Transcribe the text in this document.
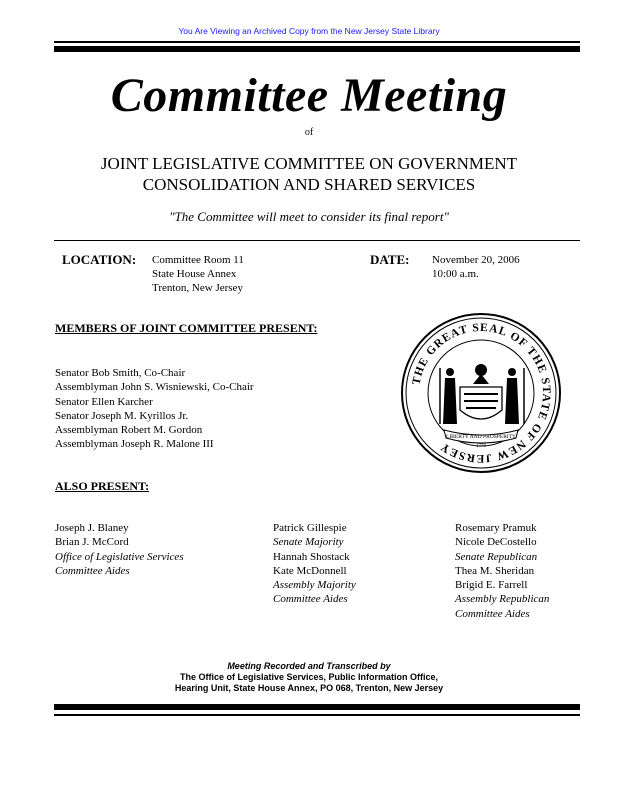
You Are Viewing an Archived Copy from the New Jersey State Library
Committee Meeting
of
JOINT LEGISLATIVE COMMITTEE ON GOVERNMENT
CONSOLIDATION AND SHARED SERVICES
"The Committee will meet to consider its final report"
LOCATION: Committee Room 11
State House Annex
Trenton, New Jersey
DATE: November 20, 2006
10:00 a.m.
MEMBERS OF JOINT COMMITTEE PRESENT:
Senator Bob Smith, Co-Chair
Assemblyman John S. Wisniewski, Co-Chair
Senator Ellen Karcher
Senator Joseph M. Kyrillos Jr.
Assemblyman Robert M. Gordon
Assemblyman Joseph R. Malone III
THE GREAT SEAL OF THE STATE OF NEW JERSEY
LIBERTY AND PROSPERITY
1776
ALSO PRESENT:
Joseph J. Blaney
Brian J. McCord
Office of Legislative Services
Committee Aides
Patrick Gillespie
Senate Majority
Hannah Shostack
Kate McDonnell
Assembly Majority
Committee Aides
Rosemary Pramuk
Nicole DeCostello
Senate Republican
Thea M. Sheridan
Brigid E. Farrell
Assembly Republican
Committee Aides
Meeting Recorded and Transcribed by
The Office of Legislative Services, Public Information Office,
Hearing Unit, State House Annex, PO 068, Trenton, New Jersey
